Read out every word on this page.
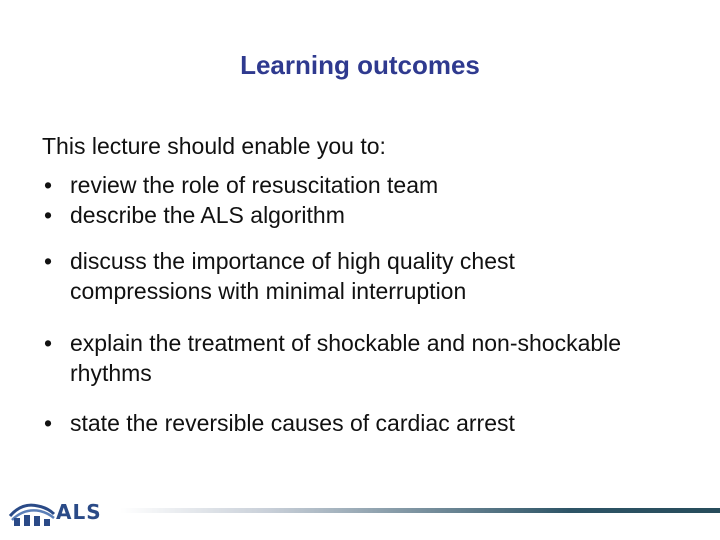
Learning outcomes
This lecture should enable you to:
• review the role of resuscitation team
• describe the ALS algorithm
• discuss the importance of high quality chest compressions with minimal interruption
• explain the treatment of shockable and non-shockable rhythms
• state the reversible causes of cardiac arrest
ALS
